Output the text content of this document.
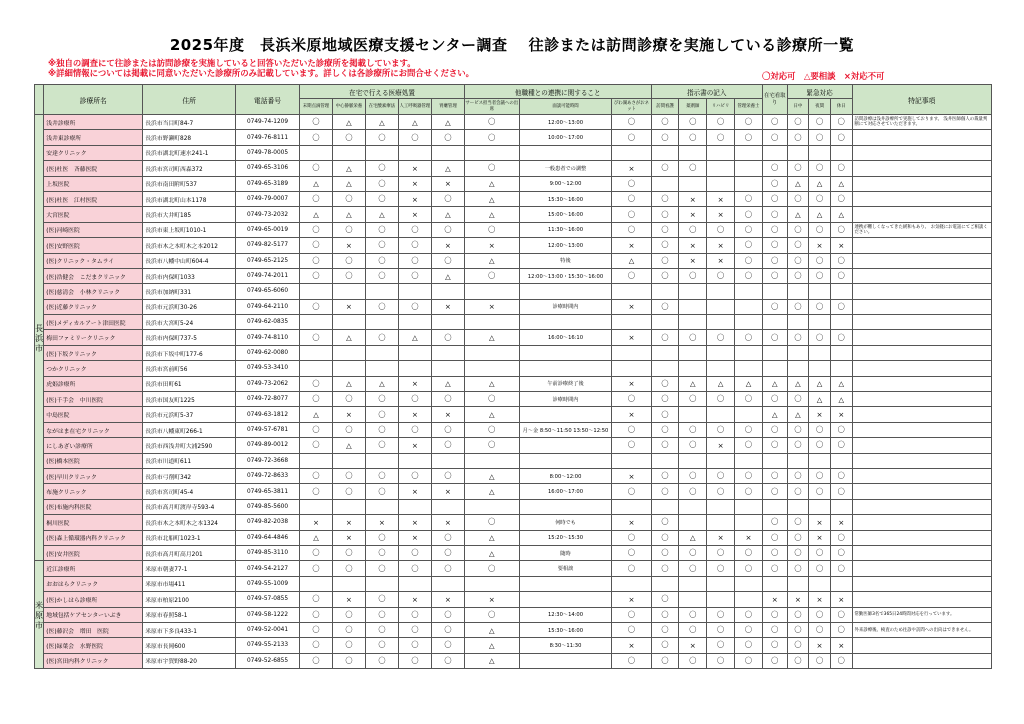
2025年度　長浜米原地域医療支援センター調査　 往診または訪問診療を実施している診療所一覧
※独自の調査にて往診または訪問診療を実施していると回答いただいた診療所を掲載しています。
※詳細情報については掲載に同意いただいた診療所のみ記載しています。詳しくは各診療所にお問合せください。	〇対応可　△要相談　×対応不可
	診療所名	住所	電話番号	在宅で行える医療処置					他職種との連携に関すること			指示書の記入				在宅看取り	緊急対応			特記事項
				末期点滴管理	中心静脈栄養	在宅酸素療法	人工呼吸器管理	胃瘻管理	サービス担当者会議への出席	面談可能時間	ぴわ湖あさがおネット	訪問看護	薬剤師	リハビリ	管理栄養士		日中	夜間	休日	
長浜市	浅井診療所	長浜市当目町84-7	0749-74-1209	〇	△	△	△	△	〇	12:00～13:00	〇	〇	〇	〇	〇	〇	〇	〇	〇	訪問診療は浅井診療所で実施しております。 浅井医師個人の裁量判断にて対応させていただきます。
	浅井東診療所	長浜市野瀬町828	0749-76-8111	〇	〇	〇	〇	〇	〇	10:00～17:00	〇	〇	〇	〇	〇	〇	〇	〇	〇	
	安達クリニック	長浜市湖北町速水241-1	0749-78-0005																	
	(医)杜医　斉藤医院	長浜市宮司町西森372	0749-65-3106	〇	△	〇	×	△	〇	一般患者での調整	×	〇	〇			〇	〇	〇	〇	
	上坂医院	長浜市南田附町537	0749-65-3189	△	△	〇	×	×	△	9:00～12:00	〇					〇	△	△	△	
	(医)杜医　江村医院	長浜市湖北町山本1178	0749-79-0007	〇	〇	〇	×	〇	△	15:30～16:00	〇	〇	×	×	〇	〇	〇	〇	〇	
	大宮医院	長浜市大井町185	0749-73-2032	△	△	△	×	△	△	15:00～16:00	〇	〇	×	×	〇	〇	△	△	△	
	(医)河崎医院	長浜市東上坂町1010-1	0749-65-0019	〇	〇	〇	〇	〇	〇	11:30～16:00	〇	〇	〇	〇	〇	〇	〇	〇	〇	連携が難しくなってきた緩和もあり、 お気軽にお電話にてご相談ください。
	(医)安野医院	長浜市木之本町木之本2012	0749-82-5177	〇	×	〇	〇	×	×	12:00～13:00	×	〇	×	×	〇	〇	〇	×	×	
	(医)クリニック・タムライ	長浜市八幡中山町604-4	0749-65-2125	〇	〇	〇	〇	〇	△	特後	△	〇	×	×	〇	〇	〇	〇	〇	
	(医)浩健会　こだまクリニック	長浜市内保町1033	0749-74-2011	〇	〇	〇	〇	△	〇	12:00～13:00・15:30～16:00	〇	〇	〇	〇	〇	〇	〇	〇	〇	
	(医)慈清会　小林クリニック	長浜市加納町331	0749-65-6060																	
	(医)近藤クリニック	長浜市元浜町30-26	0749-64-2110	〇	×	〇	〇	×	×	診療時間内	×	〇				〇	〇	〇	〇	
	(医)メディカルアート津田医院	長浜市大宮町5-24	0749-62-0835																	
	梅田ファミリークリニック	長浜市内保町737-5	0749-74-8110	〇	△	〇	△	〇	△	16:00～16:10	×	〇	〇	〇	〇	〇	〇	〇	〇	
	(医)下坂クリニック	長浜市下坂中町177-6	0749-62-0080																	
	つかクリニック	長浜市宮前町56	0749-53-3410																	
	虎姫診療所	長浜市田町61	0749-73-2062	〇	△	△	×	△	△	午前診療終了後	×	〇	△	△	△	△	△	△	△	
	(医)千手会　中川医院	長浜市国友町1225	0749-72-8077	〇	〇	〇	〇	〇	〇	診療時間内	〇	〇	〇	〇	〇	〇	〇	△	△	
	中島医院	長浜市元浜町5-37	0749-63-1812	△	×	〇	×	×	△		×	〇				△	△	×	×	
	ながはま在宅クリニック	長浜市八幡東町266-1	0749-57-6781	〇	〇	〇	〇	〇	〇	月～金 8:50～11:50 13:50～12:50	〇	〇	〇	〇	〇	〇	〇	〇	〇	
	にしあざい診療所	長浜市西浅井町大浦2590	0749-89-0012	〇	△	〇	×	〇	〇		〇	〇	〇	×	〇	〇	〇	〇	〇	
	(医)橋本医院	長浜市川道町611	0749-72-3668																	
	(医)早川クリニック	長浜市弓削町342	0749-72-8633	〇	〇	〇	〇	〇	△	8:00～12:00	×	〇	〇	〇	〇	〇	〇	〇	〇	
	布施クリニック	長浜市宮司町45-4	0749-65-3811	〇	〇	〇	×	×	△	16:00～17:00	〇	〇	〇	〇	〇	〇	〇	〇	〇	
	(医)布施内科医院	長浜市高月町渡岸寺593-4	0749-85-5600																	
	桐川医院	長浜市木之本町木之本1324	0749-82-2038	×	×	×	×	×	〇	何時でも	×	〇				〇	〇	×	×	
	(医)森上循環器内科クリニック	長浜市北船町1023-1	0749-64-4846	△	×	〇	×	〇	△	15:20～15:30	〇	〇	△	×	×	〇	〇	×	〇	
	(医)安井医院	長浜市高月町高月201	0749-85-3110	〇	〇	〇	〇	〇	△	随時	〇	〇	〇	〇	〇	〇	〇	〇	〇	
米原市	近江診療所	米原市朝妻77-1	0749-54-2127	〇	〇	〇	〇	〇	〇	要相談	〇	〇	〇	〇	〇	〇	〇	〇	〇	
	おおはらクリニック	米原市市場411	0749-55-1009																	
	(医)かしはら診療所	米原市柏原2100	0749-57-0855	〇	×	〇	×	×	×		×	〇				×	×	×	×	
	地域包括ケアセンターいぶき	米原市春照58-1	0749-58-1222	〇	〇	〇	〇	〇	〇	12:30～14:00	〇	〇	〇	〇	〇	〇	〇	〇	〇	常勤医師3名で365日24時間対応を行っています。
	(医)藤沢会　増田　医院	米原市下多良433-1	0749-52-0041	〇	〇	〇	〇	〇	△	15:30～16:00	〇	〇	〇	〇	〇	〇	〇	〇	〇	外来診療後、検査のため往診や訪問への出向はできません。
	(医)緑葉会　水野医院	米原市長岡600	0749-55-2133	〇	〇	〇	〇	〇	△	8:30～11:30	×	〇	×	〇	〇	〇	〇	×	×	
	(医)宮田内科クリニック	米原市宇賀野88-20	0749-52-6855	〇	〇	〇	〇	〇	△		〇	〇	〇	〇	〇	〇	〇	〇	〇	
